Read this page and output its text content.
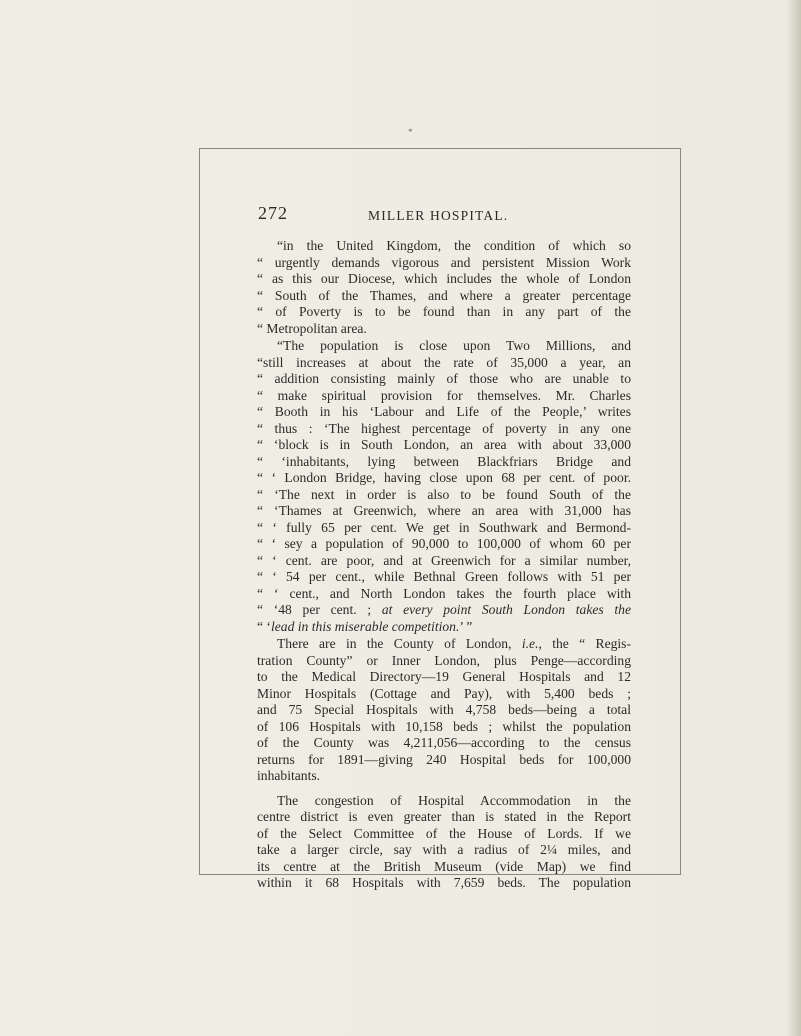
*
272	MILLER HOSPITAL.

“in the United Kingdom, the condition of which so
“ urgently demands vigorous and persistent Mission Work
“ as this our Diocese, which includes the whole of London
“ South of the Thames, and where a greater percentage
“ of Poverty is to be found than in any part of the
“ Metropolitan area.

“The population is close upon Two Millions, and
“still increases at about the rate of 35,000 a year, an
“ addition consisting mainly of those who are unable to
“ make spiritual provision for themselves. Mr. Charles
“ Booth in his ‘Labour and Life of the People,’ writes
“ thus : ‘The highest percentage of poverty in any one
“ ‘block is in South London, an area with about 33,000
“ ‘inhabitants, lying between Blackfriars Bridge and
“ ‘ London Bridge, having close upon 68 per cent. of poor.
“ ‘The next in order is also to be found South of the
“ ‘Thames at Greenwich, where an area with 31,000 has
“ ‘ fully 65 per cent. We get in Southwark and Bermond-
“ ‘ sey a population of 90,000 to 100,000 of whom 60 per
“ ‘ cent. are poor, and at Greenwich for a similar number,
“ ‘ 54 per cent., while Bethnal Green follows with 51 per
“ ‘ cent., and North London takes the fourth place with
“ ‘48 per cent. ; at every point South London takes the
“ ‘lead in this miserable competition.’ ”

There are in the County of London, i.e., the “ Regis-
tration County” or Inner London, plus Penge—according
to the Medical Directory—19 General Hospitals and 12
Minor Hospitals (Cottage and Pay), with 5,400 beds ;
and 75 Special Hospitals with 4,758 beds—being a total
of 106 Hospitals with 10,158 beds ; whilst the population
of the County was 4,211,056—according to the census
returns for 1891—giving 240 Hospital beds for 100,000
inhabitants.

The congestion of Hospital Accommodation in the
centre district is even greater than is stated in the Report
of the Select Committee of the House of Lords. If we
take a larger circle, say with a radius of 2¼ miles, and
its centre at the British Museum (vide Map) we find
within it 68 Hospitals with 7,659 beds. The population
